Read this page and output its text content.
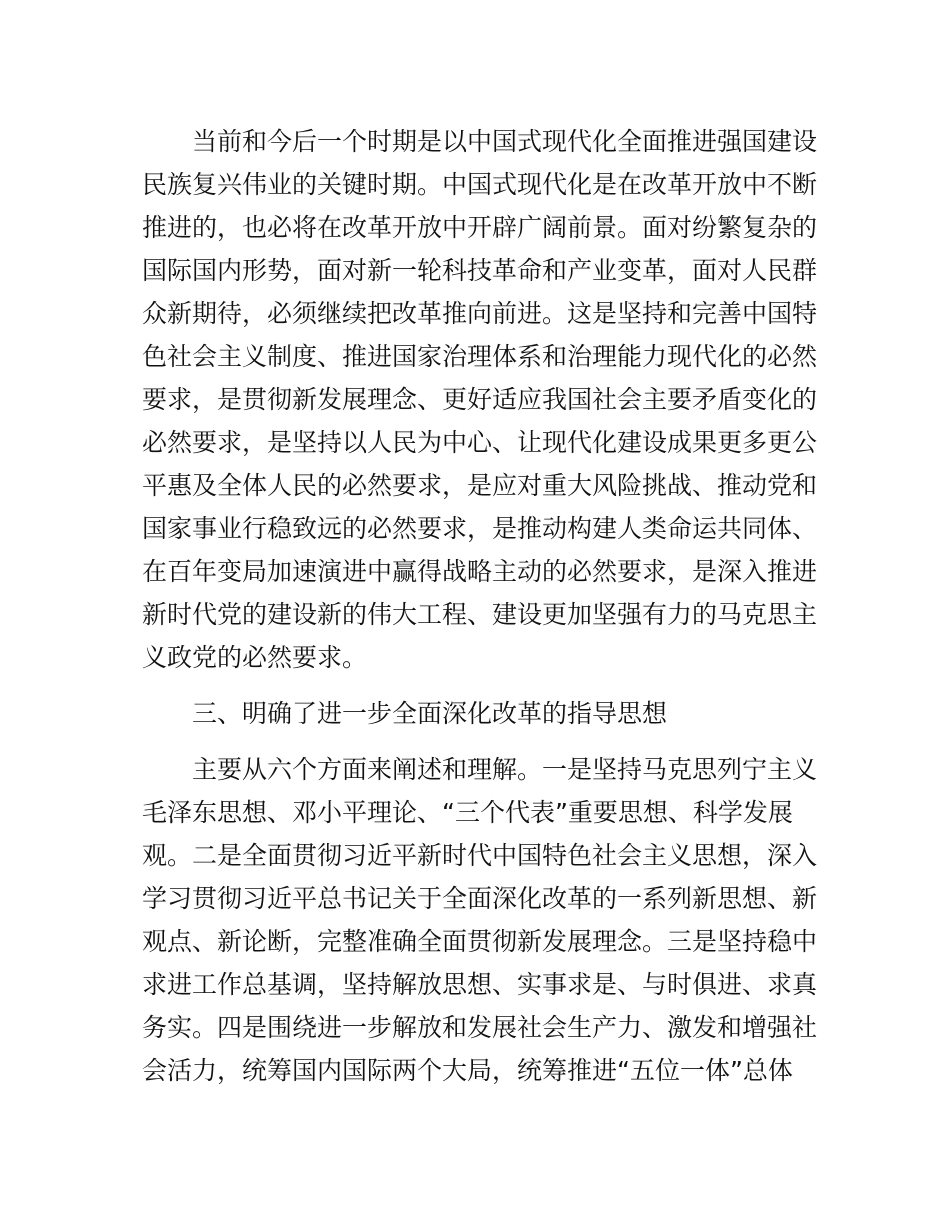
当前和今后一个时期是以中国式现代化全面推进强国建设
民族复兴伟业的关键时期。中国式现代化是在改革开放中不断
推进的，也必将在改革开放中开辟广阔前景。面对纷繁复杂的
国际国内形势，面对新一轮科技革命和产业变革，面对人民群
众新期待，必须继续把改革推向前进。这是坚持和完善中国特
色社会主义制度、推进国家治理体系和治理能力现代化的必然
要求，是贯彻新发展理念、更好适应我国社会主要矛盾变化的
必然要求，是坚持以人民为中心、让现代化建设成果更多更公
平惠及全体人民的必然要求，是应对重大风险挑战、推动党和
国家事业行稳致远的必然要求，是推动构建人类命运共同体、
在百年变局加速演进中赢得战略主动的必然要求，是深入推进
新时代党的建设新的伟大工程、建设更加坚强有力的马克思主
义政党的必然要求。
三、明确了进一步全面深化改革的指导思想
主要从六个方面来阐述和理解。一是坚持马克思列宁主义
毛泽东思想、邓小平理论、“三个代表”重要思想、科学发展
观。二是全面贯彻习近平新时代中国特色社会主义思想，深入
学习贯彻习近平总书记关于全面深化改革的一系列新思想、新
观点、新论断，完整准确全面贯彻新发展理念。三是坚持稳中
求进工作总基调，坚持解放思想、实事求是、与时俱进、求真
务实。四是围绕进一步解放和发展社会生产力、激发和增强社
会活力，统筹国内国际两个大局，统筹推进“五位一体”总体
